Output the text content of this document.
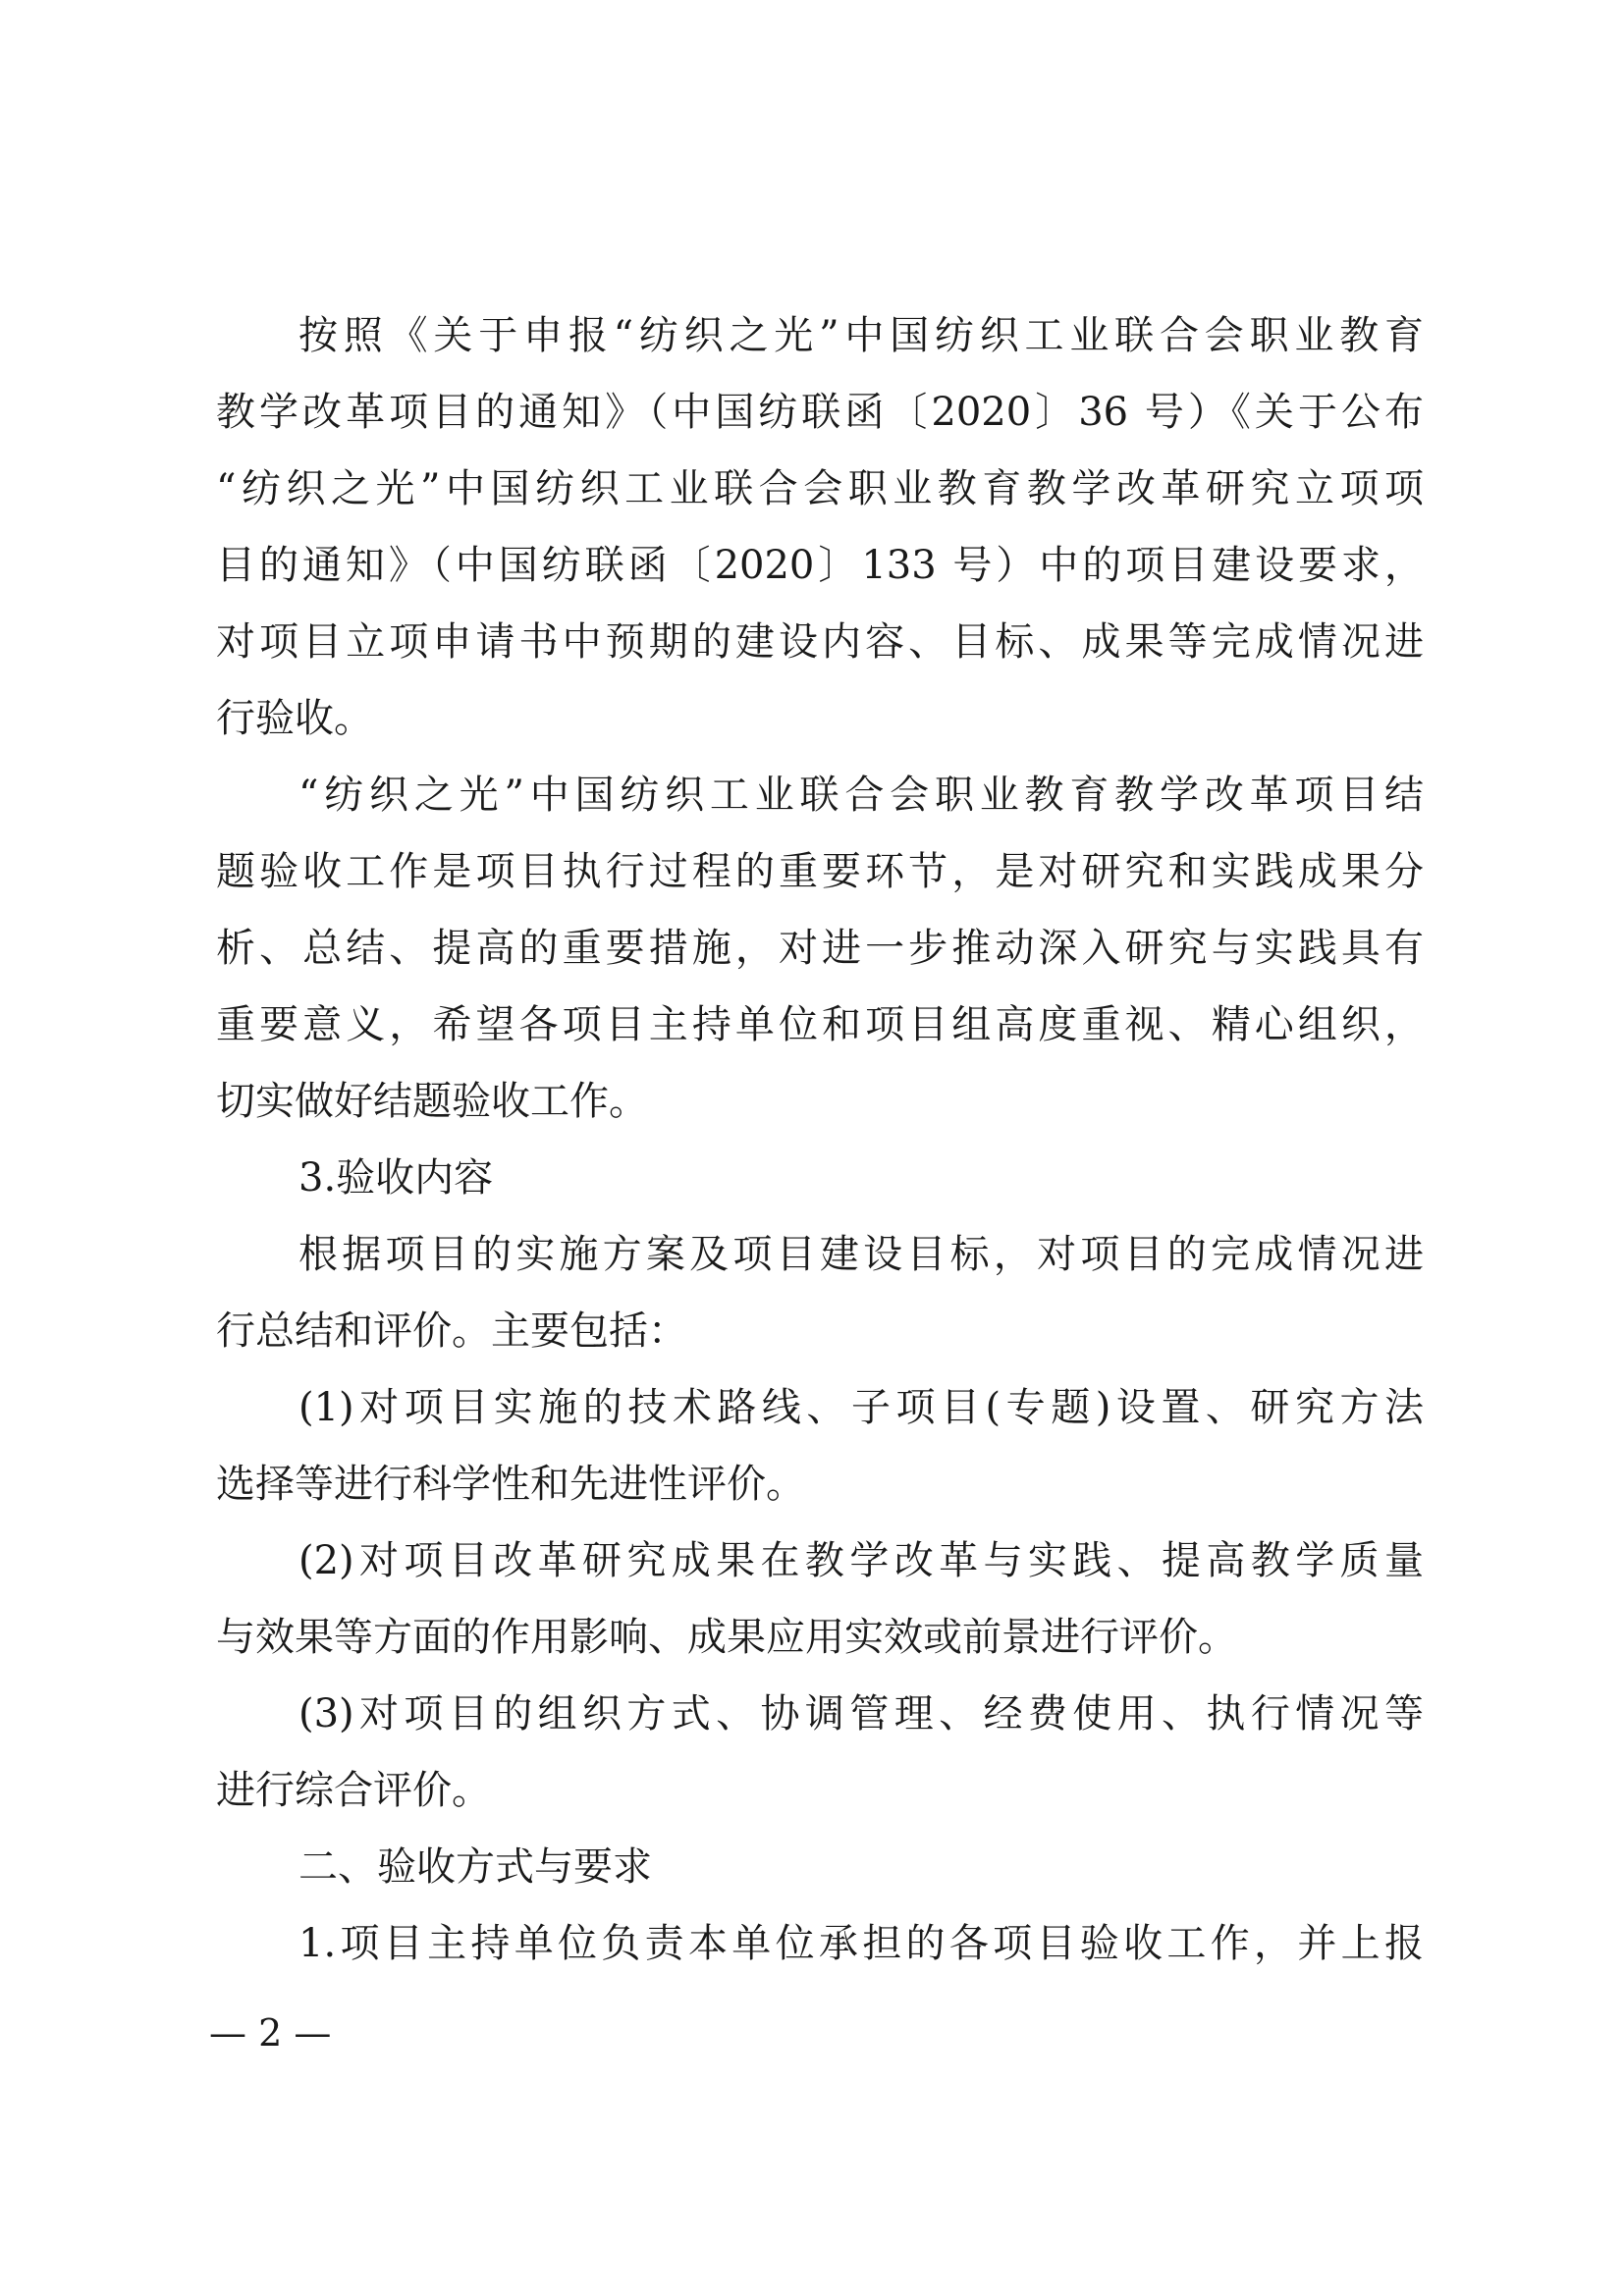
按照《关于申报“纺织之光”中国纺织工业联合会职业教育
教学改革项目的通知》（中国纺联函〔2020〕36 号）《关于公布
“纺织之光”中国纺织工业联合会职业教育教学改革研究立项项
目的通知》（中国纺联函〔2020〕133 号）中的项目建设要求，
对项目立项申请书中预期的建设内容、目标、成果等完成情况进
行验收。
“纺织之光”中国纺织工业联合会职业教育教学改革项目结
题验收工作是项目执行过程的重要环节，是对研究和实践成果分
析、总结、提高的重要措施，对进一步推动深入研究与实践具有
重要意义，希望各项目主持单位和项目组高度重视、精心组织，
切实做好结题验收工作。
3.验收内容
根据项目的实施方案及项目建设目标，对项目的完成情况进
行总结和评价。主要包括：
(1)对项目实施的技术路线、子项目(专题)设置、研究方法
选择等进行科学性和先进性评价。
(2)对项目改革研究成果在教学改革与实践、提高教学质量
与效果等方面的作用影响、成果应用实效或前景进行评价。
(3)对项目的组织方式、协调管理、经费使用、执行情况等
进行综合评价。
二、验收方式与要求
1.项目主持单位负责本单位承担的各项目验收工作，并上报
— 2 —
